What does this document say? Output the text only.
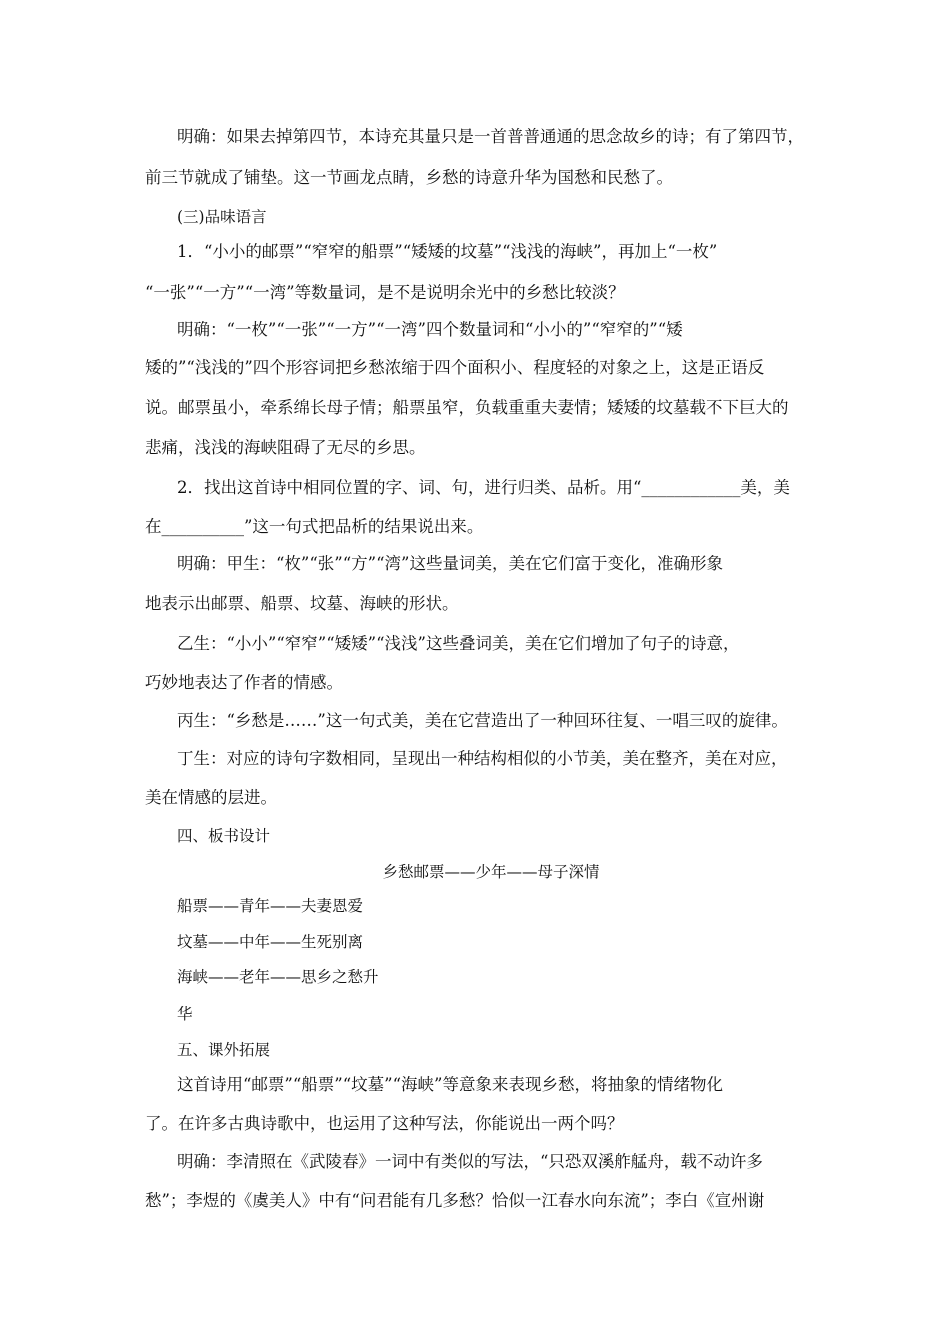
明确：如果去掉第四节，本诗充其量只是一首普普通通的思念故乡的诗；有了第四节，
前三节就成了铺垫。这一节画龙点睛，乡愁的诗意升华为国愁和民愁了。
(三)品味语言
1．“小小的邮票”“窄窄的船票”“矮矮的坟墓”“浅浅的海峡”，再加上“一枚”
“一张”“一方”“一湾”等数量词，是不是说明余光中的乡愁比较淡？
明确：“一枚”“一张”“一方”“一湾”四个数量词和“小小的”“窄窄的”“矮
矮的”“浅浅的”四个形容词把乡愁浓缩于四个面积小、程度轻的对象之上，这是正语反
说。邮票虽小，牵系绵长母子情；船票虽窄，负载重重夫妻情；矮矮的坟墓载不下巨大的
悲痛，浅浅的海峡阻碍了无尽的乡思。
2．找出这首诗中相同位置的字、词、句，进行归类、品析。用“____________美，美
在__________”这一句式把品析的结果说出来。
明确：甲生：“枚”“张”“方”“湾”这些量词美，美在它们富于变化，准确形象
地表示出邮票、船票、坟墓、海峡的形状。
乙生：“小小”“窄窄”“矮矮”“浅浅”这些叠词美，美在它们增加了句子的诗意，
巧妙地表达了作者的情感。
丙生：“乡愁是……”这一句式美，美在它营造出了一种回环往复、一唱三叹的旋律。
丁生：对应的诗句字数相同，呈现出一种结构相似的小节美，美在整齐，美在对应，
美在情感的层进。
四、板书设计
乡愁邮票——少年——母子深情
船票——青年——夫妻恩爱
坟墓——中年——生死别离
海峡——老年——思乡之愁升
华
五、课外拓展
这首诗用“邮票”“船票”“坟墓”“海峡”等意象来表现乡愁，将抽象的情绪物化
了。在许多古典诗歌中，也运用了这种写法，你能说出一两个吗？
明确：李清照在《武陵春》一词中有类似的写法，“只恐双溪舴艋舟，载不动许多
愁”；李煜的《虞美人》中有“问君能有几多愁？恰似一江春水向东流”；李白《宣州谢
